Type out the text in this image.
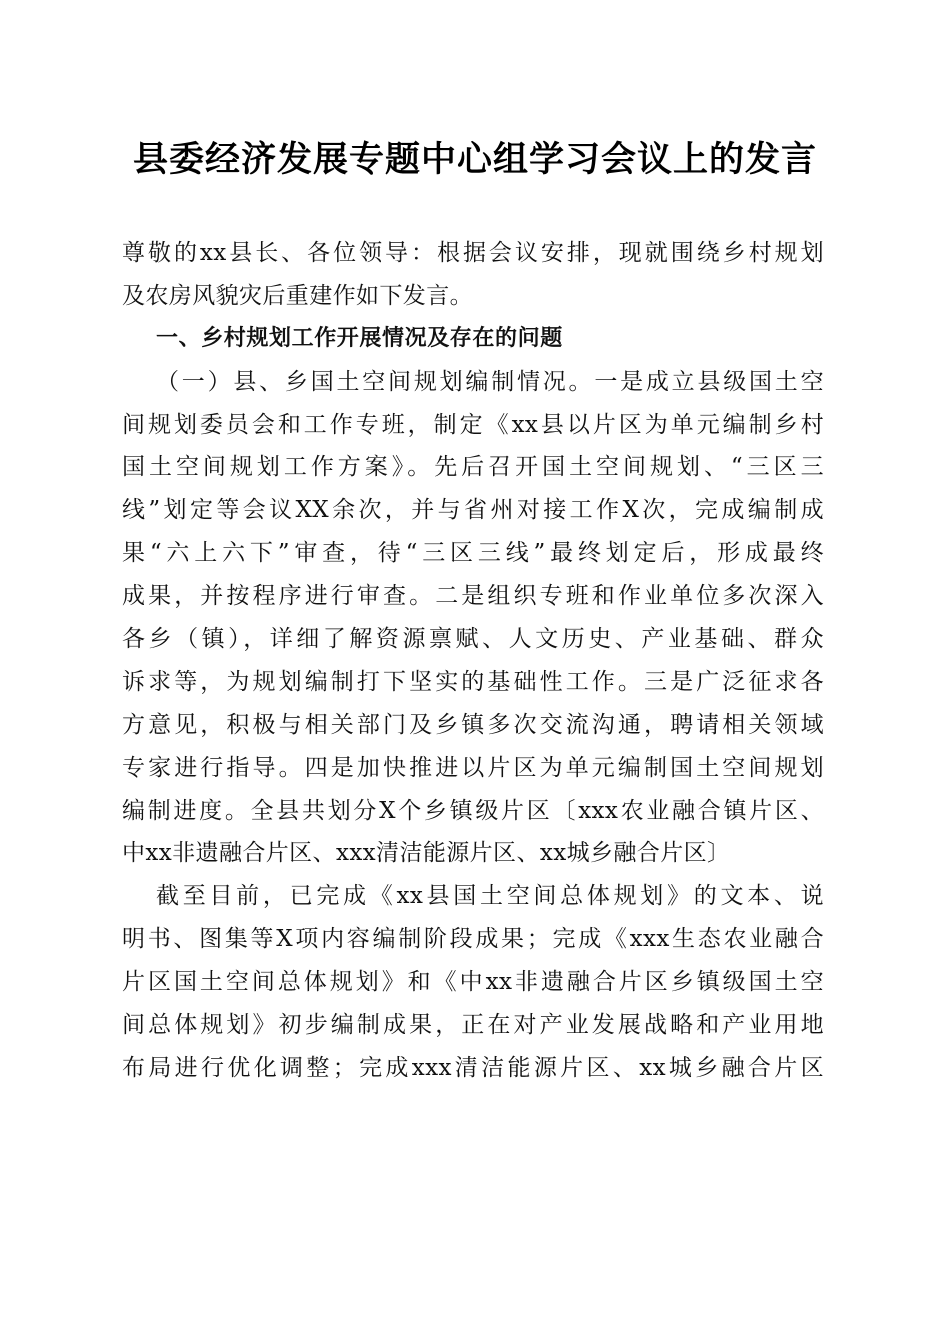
县委经济发展专题中心组学习会议上的发言
尊敬的xx县长、各位领导：根据会议安排，现就围绕乡村规划
及农房风貌灾后重建作如下发言。
一、乡村规划工作开展情况及存在的问题
（一）县、乡国土空间规划编制情况。一是成立县级国土空
间规划委员会和工作专班，制定《xx县以片区为单元编制乡村
国土空间规划工作方案》。先后召开国土空间规划、“三区三
线”划定等会议XX余次，并与省州对接工作X次，完成编制成
果“六上六下”审查，待“三区三线”最终划定后，形成最终
成果，并按程序进行审查。二是组织专班和作业单位多次深入
各乡（镇），详细了解资源禀赋、人文历史、产业基础、群众
诉求等，为规划编制打下坚实的基础性工作。三是广泛征求各
方意见，积极与相关部门及乡镇多次交流沟通，聘请相关领域
专家进行指导。四是加快推进以片区为单元编制国土空间规划
编制进度。全县共划分X个乡镇级片区〔xxx农业融合镇片区、
中xx非遗融合片区、xxx清洁能源片区、xx城乡融合片区〕
截至目前，已完成《xx县国土空间总体规划》的文本、说
明书、图集等X项内容编制阶段成果；完成《xxx生态农业融合
片区国土空间总体规划》和《中xx非遗融合片区乡镇级国土空
间总体规划》初步编制成果，正在对产业发展战略和产业用地
布局进行优化调整；完成xxx清洁能源片区、xx城乡融合片区
